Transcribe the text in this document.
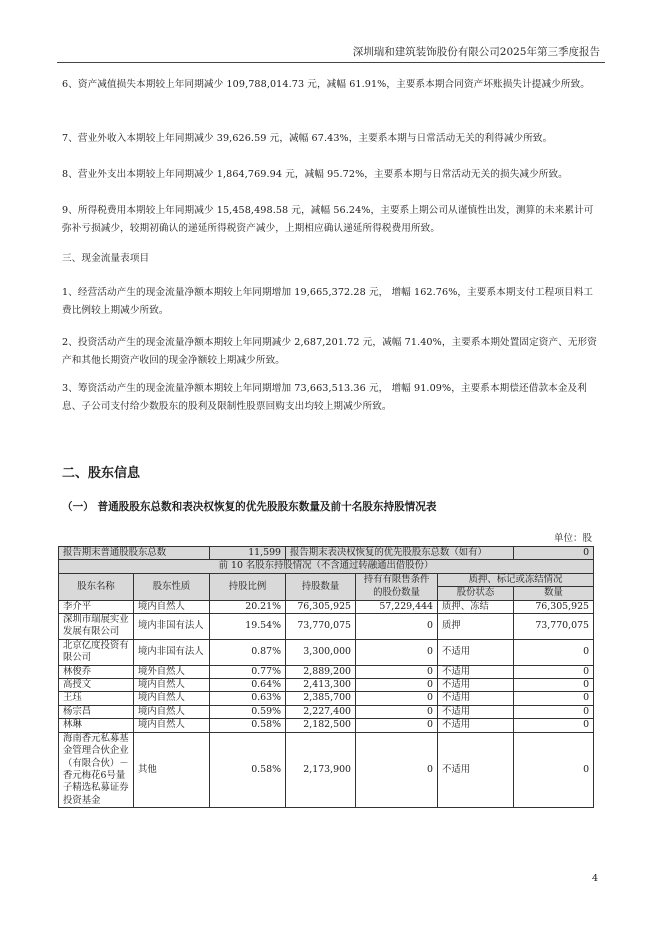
深圳瑞和建筑装饰股份有限公司2025年第三季度报告
6、资产减值损失本期较上年同期减少 109,788,014.73 元，减幅 61.91%，主要系本期合同资产坏账损失计提减少所致。
7、营业外收入本期较上年同期减少 39,626.59 元，减幅 67.43%，主要系本期与日常活动无关的利得减少所致。
8、营业外支出本期较上年同期减少 1,864,769.94 元，减幅 95.72%，主要系本期与日常活动无关的损失减少所致。
9、所得税费用本期较上年同期减少 15,458,498.58 元，减幅 56.24%，主要系上期公司从谨慎性出发，测算的未来累计可弥补亏损减少，较期初确认的递延所得税资产减少，上期相应确认递延所得税费用所致。
三、现金流量表项目
1、经营活动产生的现金流量净额本期较上年同期增加 19,665,372.28 元， 增幅 162.76%，主要系本期支付工程项目料工费比例较上期减少所致。
2、投资活动产生的现金流量净额本期较上年同期减少 2,687,201.72 元，减幅 71.40%，主要系本期处置固定资产、无形资产和其他长期资产收回的现金净额较上期减少所致。
3、筹资活动产生的现金流量净额本期较上年同期增加 73,663,513.36 元， 增幅 91.09%，主要系本期偿还借款本金及利息、子公司支付给少数股东的股利及限制性股票回购支出均较上期减少所致。
二、股东信息
（一） 普通股股东总数和表决权恢复的优先股股东数量及前十名股东持股情况表
单位：股
报告期末普通股股东总数		11,599	报告期末表决权恢复的优先股股东总数（如有）			0
前 10 名股东持股情况（不含通过转融通出借股份）						
股东名称	股东性质	持股比例	持股数量	持有有限售条件的股份数量	质押、标记或冻结情况	
					股份状态	数量
李介平	境内自然人	20.21%	76,305,925	57,229,444	质押、冻结	76,305,925
深圳市瑞展实业发展有限公司	境内非国有法人	19.54%	73,770,075	0	质押	73,770,075
北京亿度投资有限公司	境内非国有法人	0.87%	3,300,000	0	不适用	0
林俊乔	境外自然人	0.77%	2,889,200	0	不适用	0
高授文	境内自然人	0.64%	2,413,300	0	不适用	0
王珏	境内自然人	0.63%	2,385,700	0	不适用	0
杨宗昌	境内自然人	0.59%	2,227,400	0	不适用	0
林琳	境内自然人	0.58%	2,182,500	0	不适用	0
海南香元私募基金管理合伙企业（有限合伙）－香元梅花6号量子精选私募证券投资基金	其他	0.58%	2,173,900	0	不适用	0
4
